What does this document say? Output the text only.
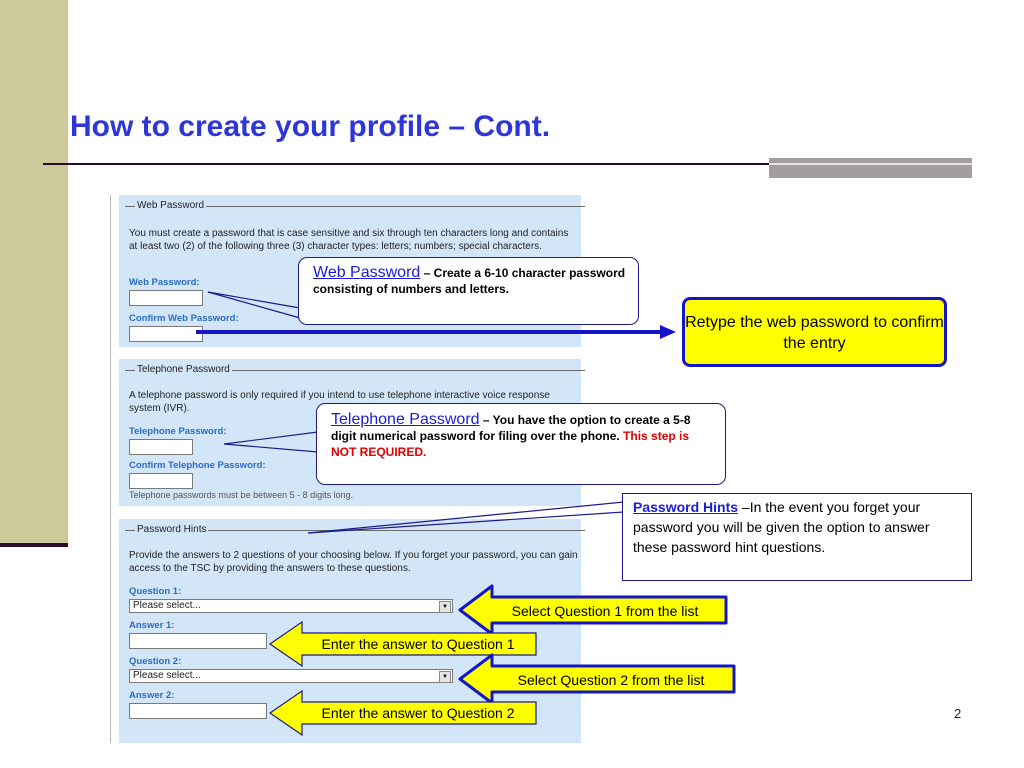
How to create your profile – Cont.
Web Password
You must create a password that is case sensitive and six through ten characters long and contains at least two (2) of the following three (3) character types: letters; numbers; special characters.
Web Password:
Confirm Web Password:
Telephone Password
A telephone password is only required if you intend to use telephone interactive voice response system (IVR).
Telephone Password:
Confirm Telephone Password:
Telephone passwords must be between 5 - 8 digits long.
Password Hints
Provide the answers to 2 questions of your choosing below. If you forget your password, you can gain access to the TSC by providing the answers to these questions.
Question 1:
Please select...	▼
Answer 1:
Question 2:
Please select...	▼
Answer 2:
Web Password – Create a 6-10 character password consisting of numbers and letters.
Retype the web password to confirm the entry
Telephone Password – You have the option to create a 5-8 digit numerical password for filing over the phone. This step is NOT REQUIRED.
Password Hints –In the event you forget your password you will be given the option to answer these password hint questions.
Select Question 1 from the list
Enter the answer to Question 1
Select Question 2 from the list
Enter the answer to Question 2	2
